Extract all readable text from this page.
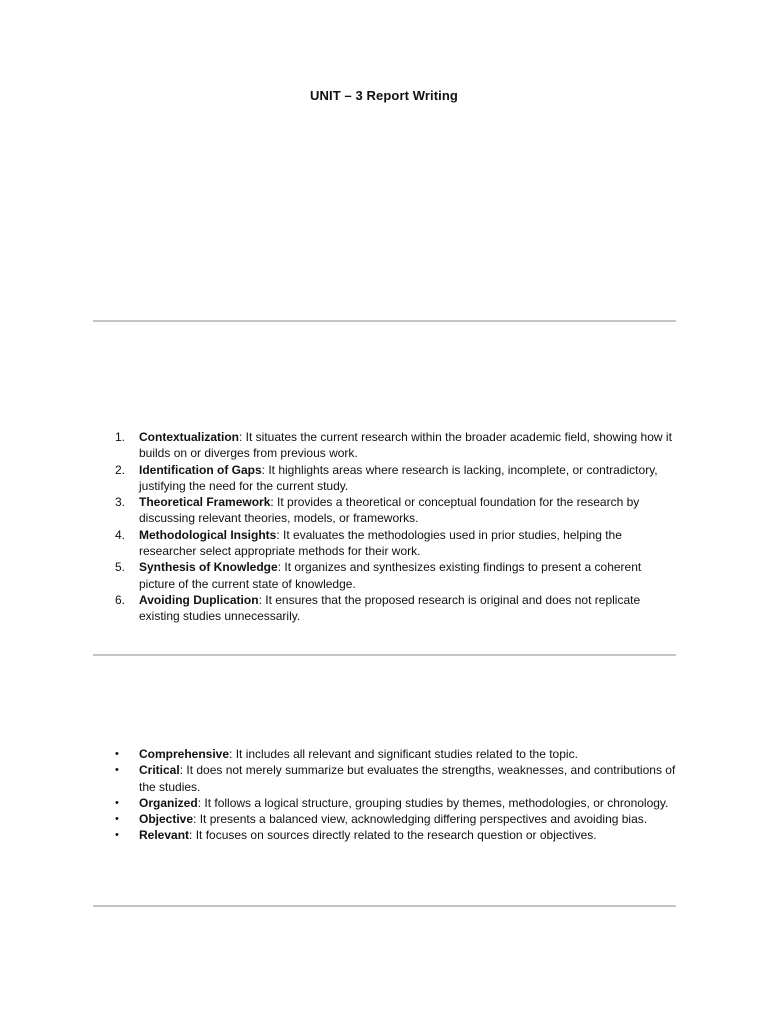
UNIT – 3 Report Writing
1.	Contextualization: It situates the current research within the broader academic field, showing how it builds on or diverges from previous work.
2.	Identification of Gaps: It highlights areas where research is lacking, incomplete, or contradictory, justifying the need for the current study.
3.	Theoretical Framework: It provides a theoretical or conceptual foundation for the research by discussing relevant theories, models, or frameworks.
4.	Methodological Insights: It evaluates the methodologies used in prior studies, helping the researcher select appropriate methods for their work.
5.	Synthesis of Knowledge: It organizes and synthesizes existing findings to present a coherent picture of the current state of knowledge.
6.	Avoiding Duplication: It ensures that the proposed research is original and does not replicate existing studies unnecessarily.
•	Comprehensive: It includes all relevant and significant studies related to the topic.
•	Critical: It does not merely summarize but evaluates the strengths, weaknesses, and contributions of the studies.
•	Organized: It follows a logical structure, grouping studies by themes, methodologies, or chronology.
•	Objective: It presents a balanced view, acknowledging differing perspectives and avoiding bias.
•	Relevant: It focuses on sources directly related to the research question or objectives.
